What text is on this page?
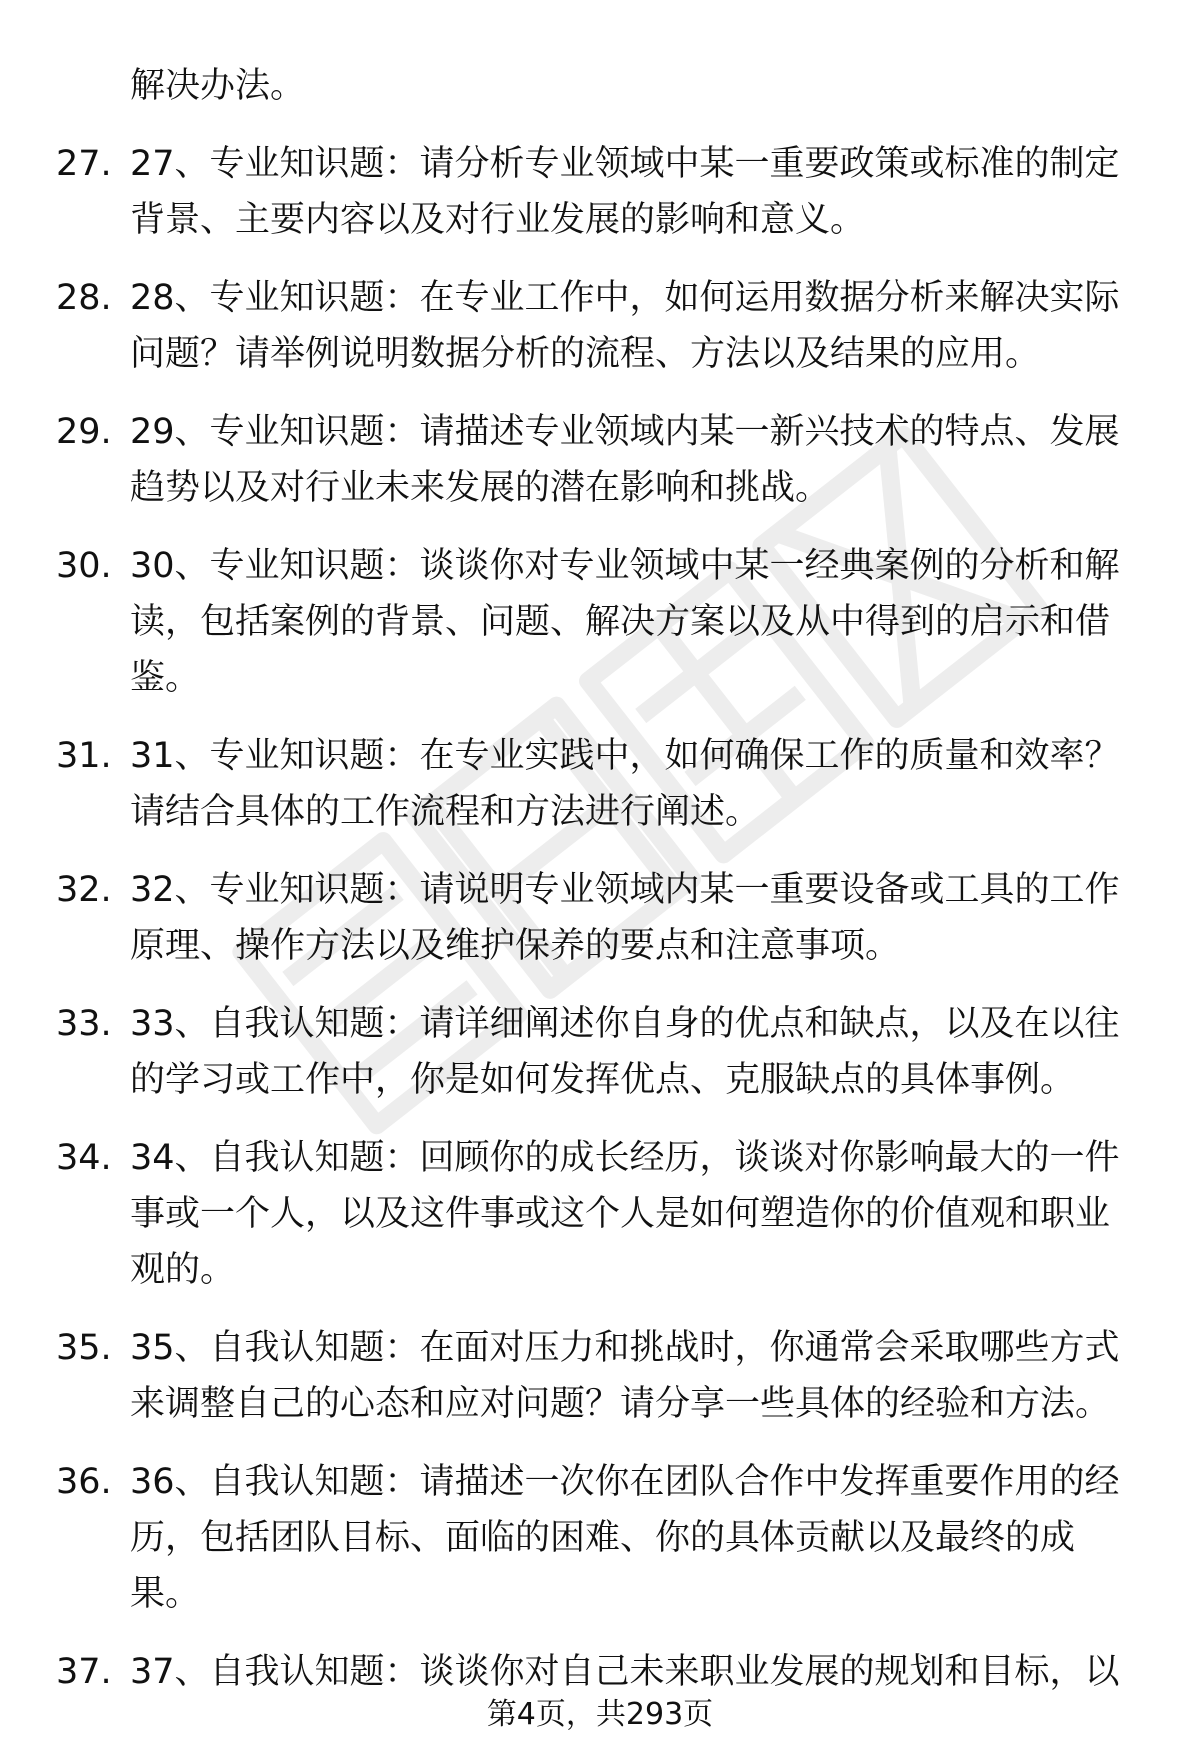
解决办法。
27. 27、专业知识题：请分析专业领域中某一重要政策或标准的制定
背景、主要内容以及对行业发展的影响和意义。
28. 28、专业知识题：在专业工作中，如何运用数据分析来解决实际
问题？请举例说明数据分析的流程、方法以及结果的应用。
29. 29、专业知识题：请描述专业领域内某一新兴技术的特点、发展
趋势以及对行业未来发展的潜在影响和挑战。
30. 30、专业知识题：谈谈你对专业领域中某一经典案例的分析和解
读，包括案例的背景、问题、解决方案以及从中得到的启示和借
鉴。
31. 31、专业知识题：在专业实践中，如何确保工作的质量和效率？
请结合具体的工作流程和方法进行阐述。
32. 32、专业知识题：请说明专业领域内某一重要设备或工具的工作
原理、操作方法以及维护保养的要点和注意事项。
33. 33、自我认知题：请详细阐述你自身的优点和缺点，以及在以往
的学习或工作中，你是如何发挥优点、克服缺点的具体事例。
34. 34、自我认知题：回顾你的成长经历，谈谈对你影响最大的一件
事或一个人，以及这件事或这个人是如何塑造你的价值观和职业
观的。
35. 35、自我认知题：在面对压力和挑战时，你通常会采取哪些方式
来调整自己的心态和应对问题？请分享一些具体的经验和方法。
36. 36、自我认知题：请描述一次你在团队合作中发挥重要作用的经
历，包括团队目标、面临的困难、你的具体贡献以及最终的成
果。
37. 37、自我认知题：谈谈你对自己未来职业发展的规划和目标，以
第4页，共293页
